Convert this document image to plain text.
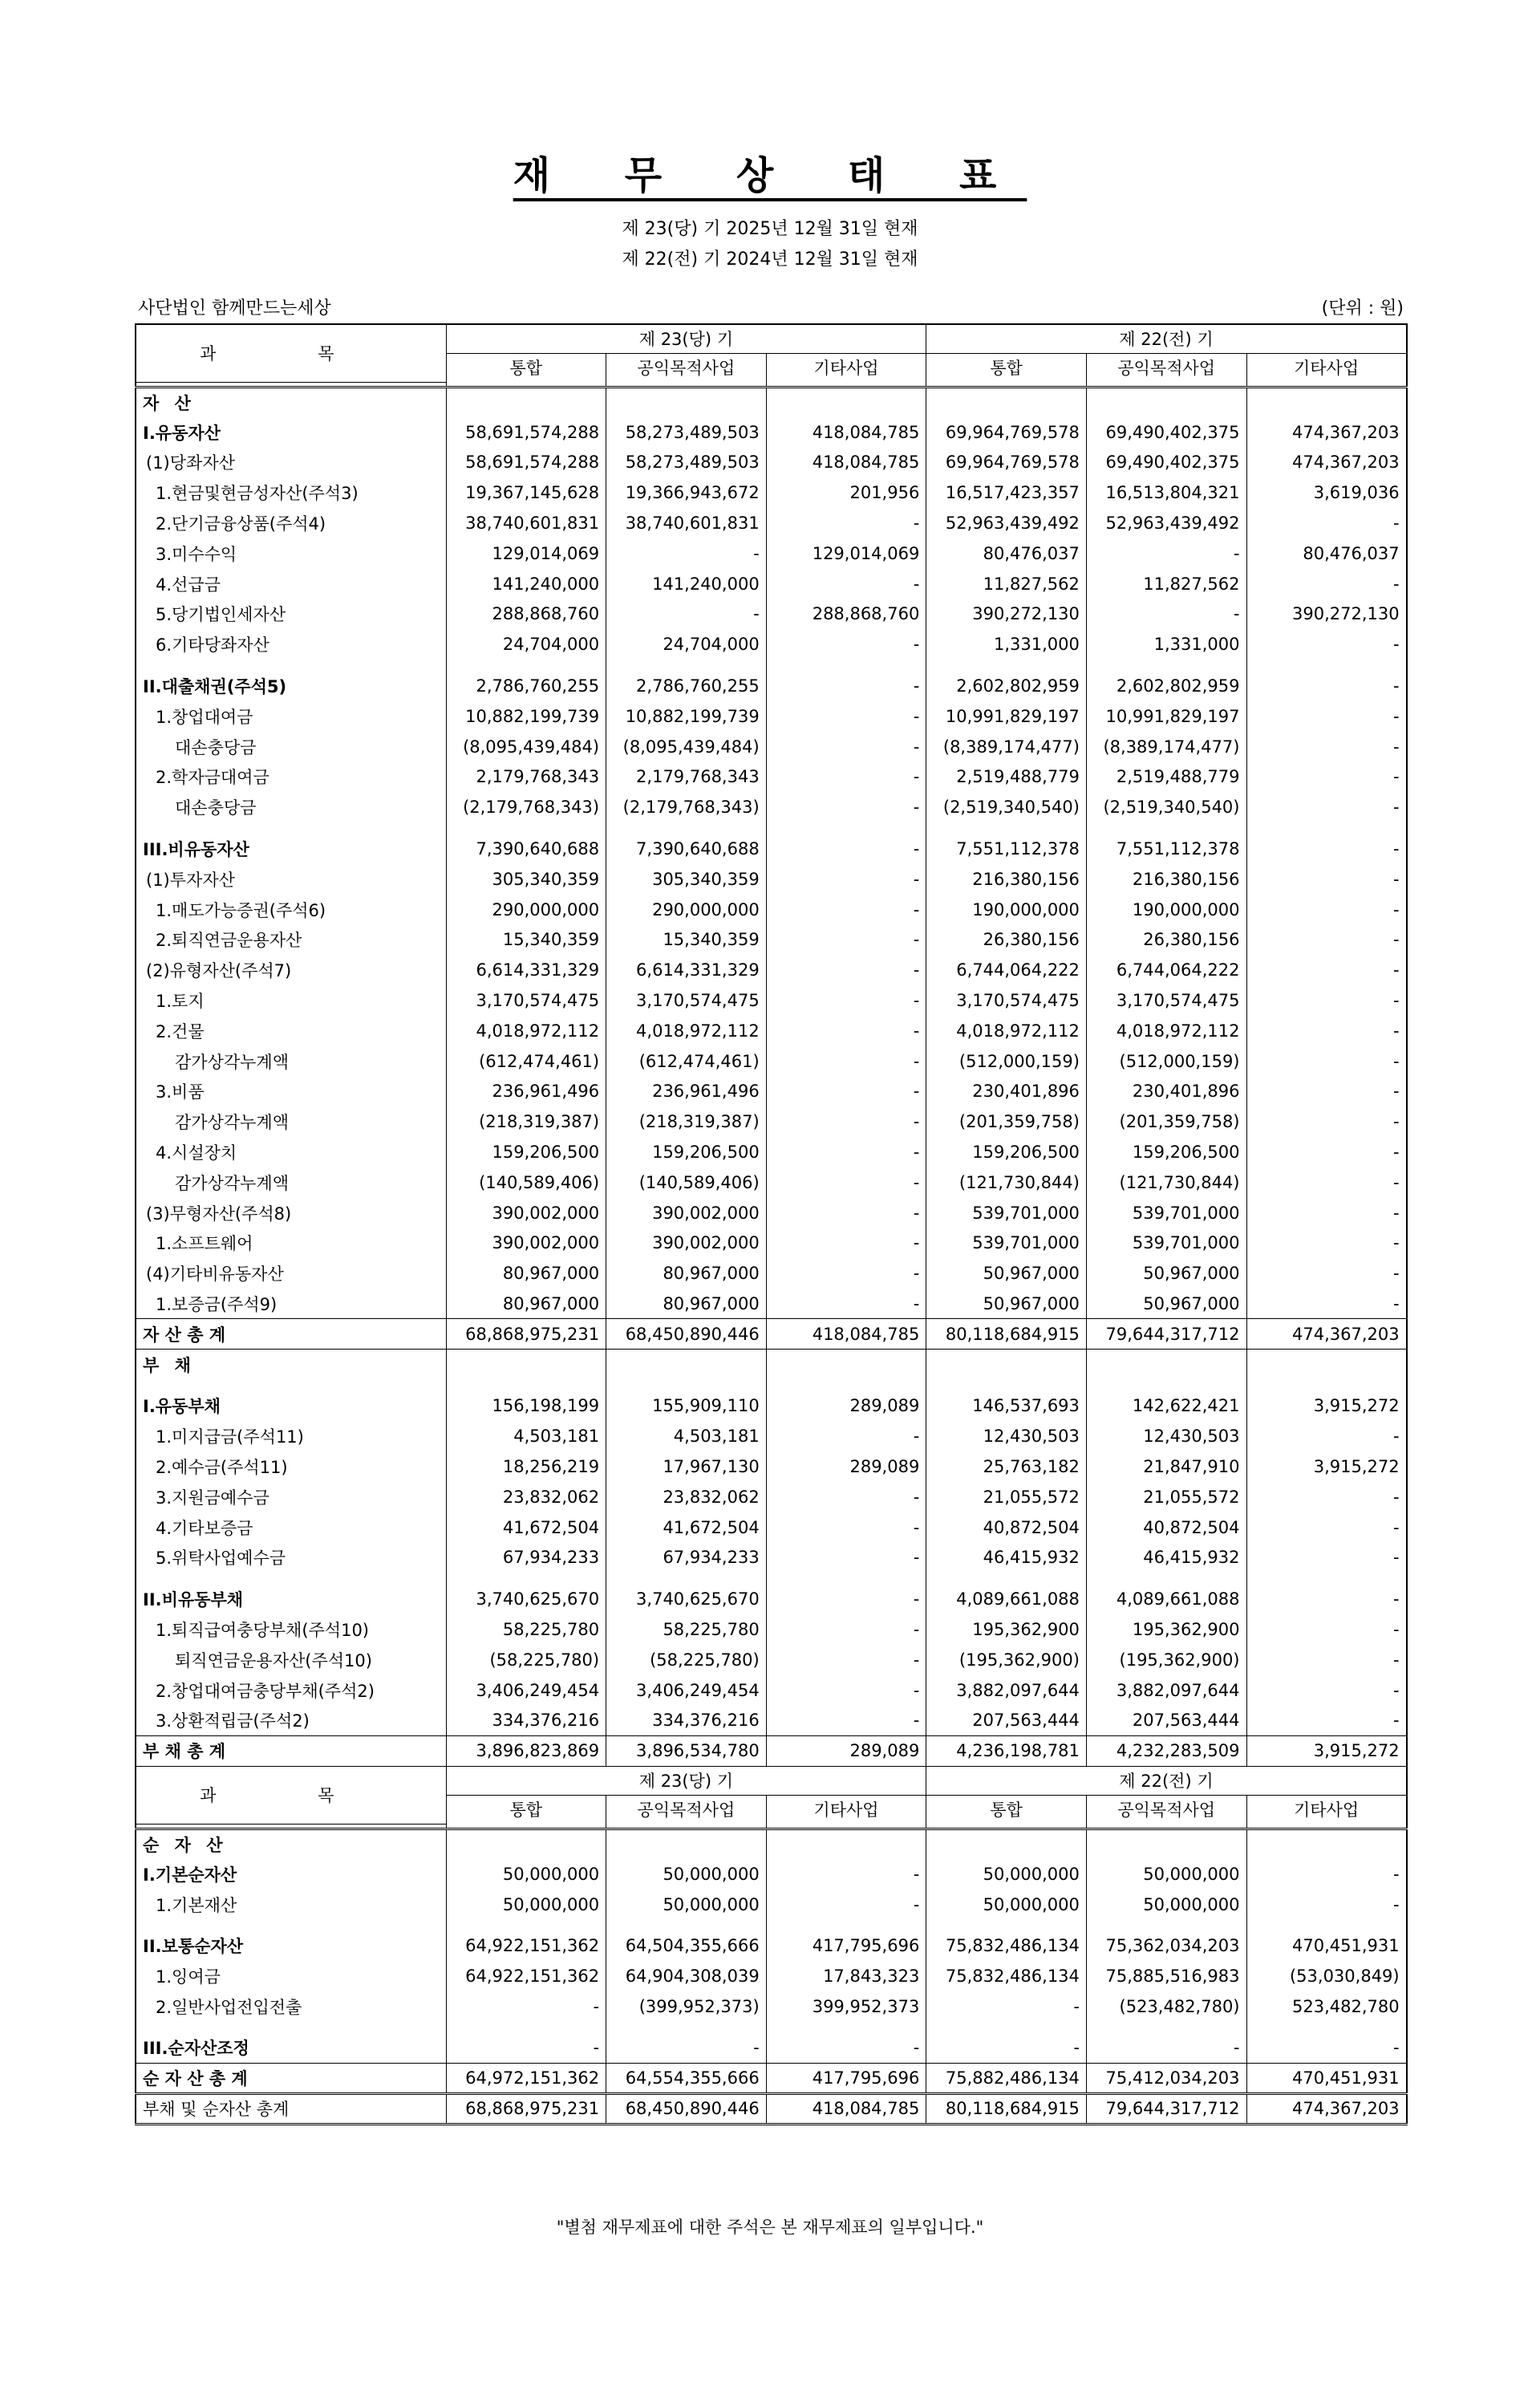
재 무 상 태 표
제 23(당) 기 2025년 12월 31일 현재
제 22(전) 기 2024년 12월 31일 현재
사단법인 함께만드는세상	(단위 : 원)
과 목	제 23(당) 기			제 22(전) 기		
	통합	공익목적사업	기타사업	통합	공익목적사업	기타사업

자 산						
I.유동자산	58,691,574,288	58,273,489,503	418,084,785	69,964,769,578	69,490,402,375	474,367,203
(1)당좌자산	58,691,574,288	58,273,489,503	418,084,785	69,964,769,578	69,490,402,375	474,367,203
1.현금및현금성자산(주석3)	19,367,145,628	19,366,943,672	201,956	16,517,423,357	16,513,804,321	3,619,036
2.단기금융상품(주석4)	38,740,601,831	38,740,601,831	-	52,963,439,492	52,963,439,492	-
3.미수수익	129,014,069	-	129,014,069	80,476,037	-	80,476,037
4.선급금	141,240,000	141,240,000	-	11,827,562	11,827,562	-
5.당기법인세자산	288,868,760	-	288,868,760	390,272,130	-	390,272,130
6.기타당좌자산	24,704,000	24,704,000	-	1,331,000	1,331,000	-

II.대출채권(주석5)	2,786,760,255	2,786,760,255	-	2,602,802,959	2,602,802,959	-
1.창업대여금	10,882,199,739	10,882,199,739	-	10,991,829,197	10,991,829,197	-
대손충당금	(8,095,439,484)	(8,095,439,484)	-	(8,389,174,477)	(8,389,174,477)	-
2.학자금대여금	2,179,768,343	2,179,768,343	-	2,519,488,779	2,519,488,779	-
대손충당금	(2,179,768,343)	(2,179,768,343)	-	(2,519,340,540)	(2,519,340,540)	-

III.비유동자산	7,390,640,688	7,390,640,688	-	7,551,112,378	7,551,112,378	-
(1)투자자산	305,340,359	305,340,359	-	216,380,156	216,380,156	-
1.매도가능증권(주석6)	290,000,000	290,000,000	-	190,000,000	190,000,000	-
2.퇴직연금운용자산	15,340,359	15,340,359	-	26,380,156	26,380,156	-
(2)유형자산(주석7)	6,614,331,329	6,614,331,329	-	6,744,064,222	6,744,064,222	-
1.토지	3,170,574,475	3,170,574,475	-	3,170,574,475	3,170,574,475	-
2.건물	4,018,972,112	4,018,972,112	-	4,018,972,112	4,018,972,112	-
감가상각누계액	(612,474,461)	(612,474,461)	-	(512,000,159)	(512,000,159)	-
3.비품	236,961,496	236,961,496	-	230,401,896	230,401,896	-
감가상각누계액	(218,319,387)	(218,319,387)	-	(201,359,758)	(201,359,758)	-
4.시설장치	159,206,500	159,206,500	-	159,206,500	159,206,500	-
감가상각누계액	(140,589,406)	(140,589,406)	-	(121,730,844)	(121,730,844)	-
(3)무형자산(주석8)	390,002,000	390,002,000	-	539,701,000	539,701,000	-
1.소프트웨어	390,002,000	390,002,000	-	539,701,000	539,701,000	-
(4)기타비유동자산	80,967,000	80,967,000	-	50,967,000	50,967,000	-
1.보증금(주석9)	80,967,000	80,967,000	-	50,967,000	50,967,000	-
자 산 총 계	68,868,975,231	68,450,890,446	418,084,785	80,118,684,915	79,644,317,712	474,367,203
부 채						

I.유동부채	156,198,199	155,909,110	289,089	146,537,693	142,622,421	3,915,272
1.미지급금(주석11)	4,503,181	4,503,181	-	12,430,503	12,430,503	-
2.예수금(주석11)	18,256,219	17,967,130	289,089	25,763,182	21,847,910	3,915,272
3.지원금예수금	23,832,062	23,832,062	-	21,055,572	21,055,572	-
4.기타보증금	41,672,504	41,672,504	-	40,872,504	40,872,504	-
5.위탁사업예수금	67,934,233	67,934,233	-	46,415,932	46,415,932	-

II.비유동부채	3,740,625,670	3,740,625,670	-	4,089,661,088	4,089,661,088	-
1.퇴직급여충당부채(주석10)	58,225,780	58,225,780	-	195,362,900	195,362,900	-
퇴직연금운용자산(주석10)	(58,225,780)	(58,225,780)	-	(195,362,900)	(195,362,900)	-
2.창업대여금충당부채(주석2)	3,406,249,454	3,406,249,454	-	3,882,097,644	3,882,097,644	-
3.상환적립금(주석2)	334,376,216	334,376,216	-	207,563,444	207,563,444	-
부 채 총 계	3,896,823,869	3,896,534,780	289,089	4,236,198,781	4,232,283,509	3,915,272
과 목	제 23(당) 기			제 22(전) 기		
	통합	공익목적사업	기타사업	통합	공익목적사업	기타사업

순 자 산						
I.기본순자산	50,000,000	50,000,000	-	50,000,000	50,000,000	-
1.기본재산	50,000,000	50,000,000	-	50,000,000	50,000,000	-

II.보통순자산	64,922,151,362	64,504,355,666	417,795,696	75,832,486,134	75,362,034,203	470,451,931
1.잉여금	64,922,151,362	64,904,308,039	17,843,323	75,832,486,134	75,885,516,983	(53,030,849)
2.일반사업전입전출	-	(399,952,373)	399,952,373	-	(523,482,780)	523,482,780

III.순자산조정	-	-	-	-	-	-
순 자 산 총 계	64,972,151,362	64,554,355,666	417,795,696	75,882,486,134	75,412,034,203	470,451,931
부채 및 순자산 총계	68,868,975,231	68,450,890,446	418,084,785	80,118,684,915	79,644,317,712	474,367,203
"별첨 재무제표에 대한 주석은 본 재무제표의 일부입니다."
